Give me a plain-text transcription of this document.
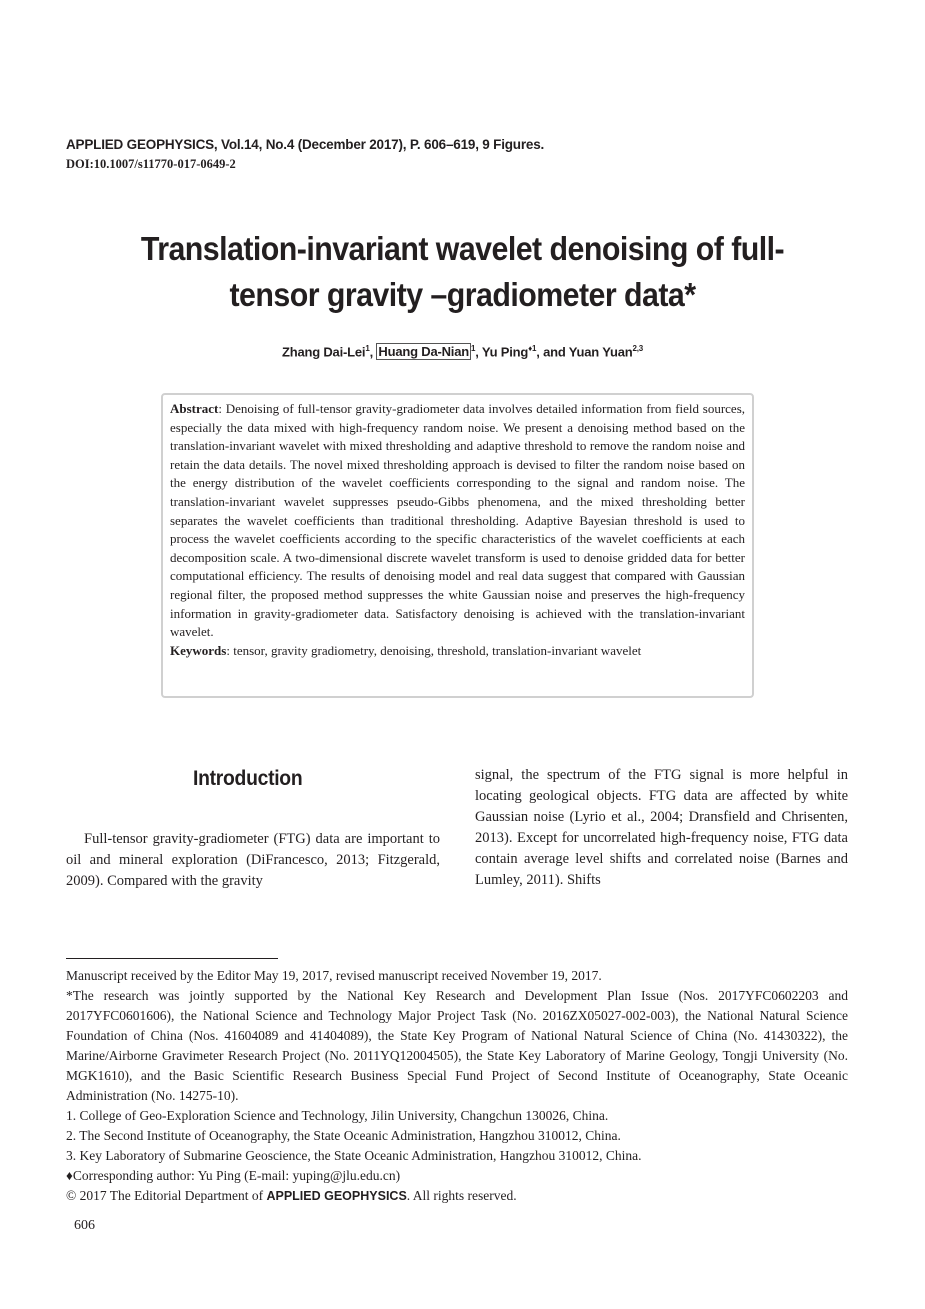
APPLIED GEOPHYSICS, Vol.14, No.4 (December 2017), P. 606–619, 9 Figures.
DOI:10.1007/s11770-017-0649-2
Translation-invariant wavelet denoising of full-
tensor gravity –gradiometer data*
Zhang Dai-Lei$^1$, Huang Da-Nian $^1$, Yu Ping$^{♦1}$, and Yuan Yuan$^{2,3}$

Abstract: Denoising of full-tensor gravity-gradiometer data involves detailed information from field sources, especially the data mixed with high-frequency random noise. We present a denoising method based on the translation-invariant wavelet with mixed thresholding and adaptive threshold to remove the random noise and retain the data details. The novel mixed thresholding approach is devised to filter the random noise based on the energy distribution of the wavelet coefficients corresponding to the signal and random noise. The translation-invariant wavelet suppresses pseudo-Gibbs phenomena, and the mixed thresholding better separates the wavelet coefficients than traditional thresholding. Adaptive Bayesian threshold is used to process the wavelet coefficients according to the specific characteristics of the wavelet coefficients at each decomposition scale. A two-dimensional discrete wavelet transform is used to denoise gridded data for better computational efficiency. The results of denoising model and real data suggest that compared with Gaussian regional filter, the proposed method suppresses the white Gaussian noise and preserves the high-frequency information in gravity-gradiometer data. Satisfactory denoising is achieved with the translation-invariant wavelet.

Keywords: tensor, gravity gradiometry, denoising, threshold, translation-invariant wavelet

Introduction

Full-tensor gravity-gradiometer (FTG) data are important to oil and mineral exploration (DiFrancesco, 2013; Fitzgerald, 2009). Compared with the gravity

signal, the spectrum of the FTG signal is more helpful in locating geological objects. FTG data are affected by white Gaussian noise (Lyrio et al., 2004; Dransfield and Chrisenten, 2013). Except for uncorrelated high-frequency noise, FTG data contain average level shifts and correlated noise (Barnes and Lumley, 2011). Shifts

Manuscript received by the Editor May 19, 2017, revised manuscript received November 19, 2017.

*The research was jointly supported by the National Key Research and Development Plan Issue (Nos. 2017YFC0602203 and 2017YFC0601606), the National Science and Technology Major Project Task (No. 2016ZX05027-002-003), the National Natural Science Foundation of China (Nos. 41604089 and 41404089), the State Key Program of National Natural Science of China (No. 41430322), the Marine/Airborne Gravimeter Research Project (No. 2011YQ12004505), the State Key Laboratory of Marine Geology, Tongji University (No. MGK1610), and the Basic Scientific Research Business Special Fund Project of Second Institute of Oceanography, State Oceanic Administration (No. 14275-10).

1. College of Geo-Exploration Science and Technology, Jilin University, Changchun 130026, China.

2. The Second Institute of Oceanography, the State Oceanic Administration, Hangzhou 310012, China.

3. Key Laboratory of Submarine Geoscience, the State Oceanic Administration, Hangzhou 310012, China.

♦Corresponding author: Yu Ping (E-mail: yuping@jlu.edu.cn)

© 2017 The Editorial Department of APPLIED GEOPHYSICS. All rights reserved.

606
